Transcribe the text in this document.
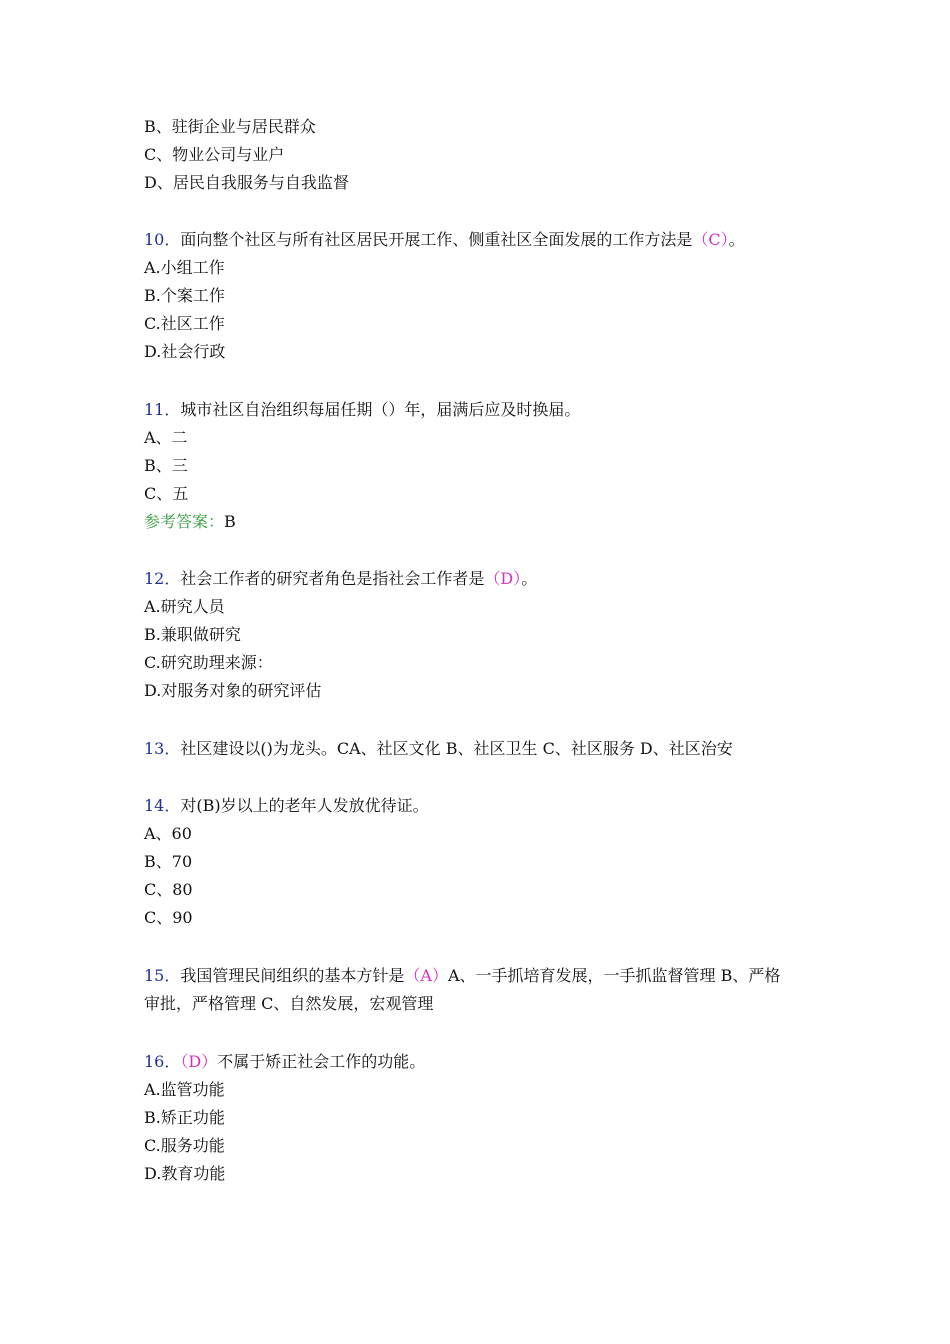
B、驻街企业与居民群众
C、物业公司与业户
D、居民自我服务与自我监督
10．面向整个社区与所有社区居民开展工作、侧重社区全面发展的工作方法是（C）。
A.小组工作
B.个案工作
C.社区工作
D.社会行政
11．城市社区自治组织每届任期（）年，届满后应及时换届。
A、二
B、三
C、五
参考答案：B
12．社会工作者的研究者角色是指社会工作者是（D）。
A.研究人员
B.兼职做研究
C.研究助理来源：
D.对服务对象的研究评估
13．社区建设以()为龙头。CA、社区文化 B、社区卫生 C、社区服务 D、社区治安
14．对(B)岁以上的老年人发放优待证。
A、60
B、70
C、80
C、90
15．我国管理民间组织的基本方针是（A）A、一手抓培育发展，一手抓监督管理 B、严格
审批，严格管理 C、自然发展，宏观管理
16．（D）不属于矫正社会工作的功能。
A.监管功能
B.矫正功能
C.服务功能
D.教育功能
